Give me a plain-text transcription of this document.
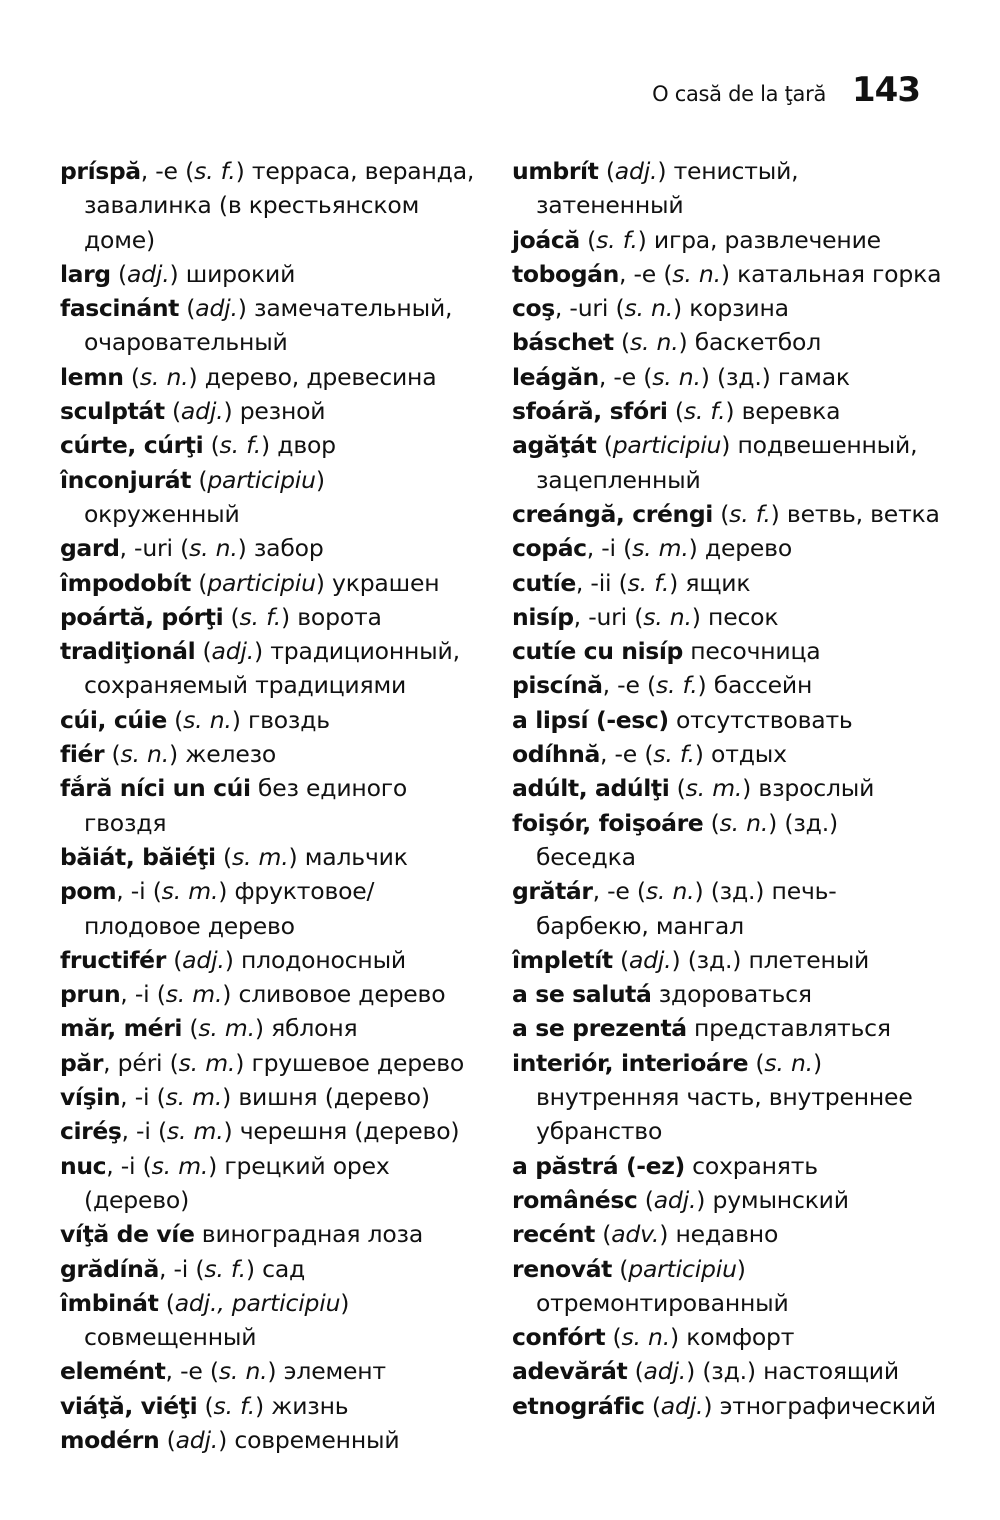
O casă de la ţară 143
príspă, -e (s. f.) терраса, веранда, завалинка (в крестьянском доме)
larg (adj.) широкий
fascinánt (adj.) замечательный, очаровательный
lemn (s. n.) дерево, древесина
sculptát (adj.) резной
cúrte, cúrţi (s. f.) двор
înconjurát (participiu) окруженный
gard, -uri (s. n.) забор
împodobít (participiu) украшен
poártă, pórţi (s. f.) ворота
tradiţionál (adj.) традиционный, сохраняемый традициями
cúi, cúie (s. n.) гвоздь
fiér (s. n.) железо
fắră níci un cúi без единого гвоздя
băiát, băiéţi (s. m.) мальчик
pom, -i (s. m.) фруктовое/плодовое дерево
fructifér (adj.) плодоносный
prun, -i (s. m.) сливовое дерево
măr, méri (s. m.) яблоня
păr, péri (s. m.) грушевое дерево
víşin, -i (s. m.) вишня (дерево)
ciréş, -i (s. m.) черешня (дерево)
nuc, -i (s. m.) грецкий орех (дерево)
víţă de víe виноградная лоза
grădínă, -i (s. f.) сад
îmbinát (adj., participiu) совмещенный
elemént, -e (s. n.) элемент
viáţă, viéţi (s. f.) жизнь
modérn (adj.) современный
umbrít (adj.) тенистый, затененный
joácă (s. f.) игра, развлечение
tobogán, -e (s. n.) катальная горка
coş, -uri (s. n.) корзина
báschet (s. n.) баскетбол
leágăn, -e (s. n.) (зд.) гамак
sfoáră, sfóri (s. f.) веревка
agăţát (participiu) подвешенный, зацепленный
creángă, créngi (s. f.) ветвь, ветка
copác, -i (s. m.) дерево
cutíe, -ii (s. f.) ящик
nisíp, -uri (s. n.) песок
cutíe cu nisíp песочница
piscínă, -e (s. f.) бассейн
a lipsí (-esc) отсутствовать
odíhnă, -e (s. f.) отдых
adúlt, adúlţi (s. m.) взрослый
foişór, foişoáre (s. n.) (зд.) беседка
grătár, -e (s. n.) (зд.) печь-барбекю, мангал
împletít (adj.) (зд.) плетеный
a se salutá здороваться
a se prezentá представляться
interiór, interioáre (s. n.) внутренняя часть, внутреннее убранство
a păstrá (-ez) сохранять
românésc (adj.) румынский
recént (adv.) недавно
renovát (participiu) отремонтированный
confórt (s. n.) комфорт
adevărát (adj.) (зд.) настоящий
etnográfic (adj.) этнографический
